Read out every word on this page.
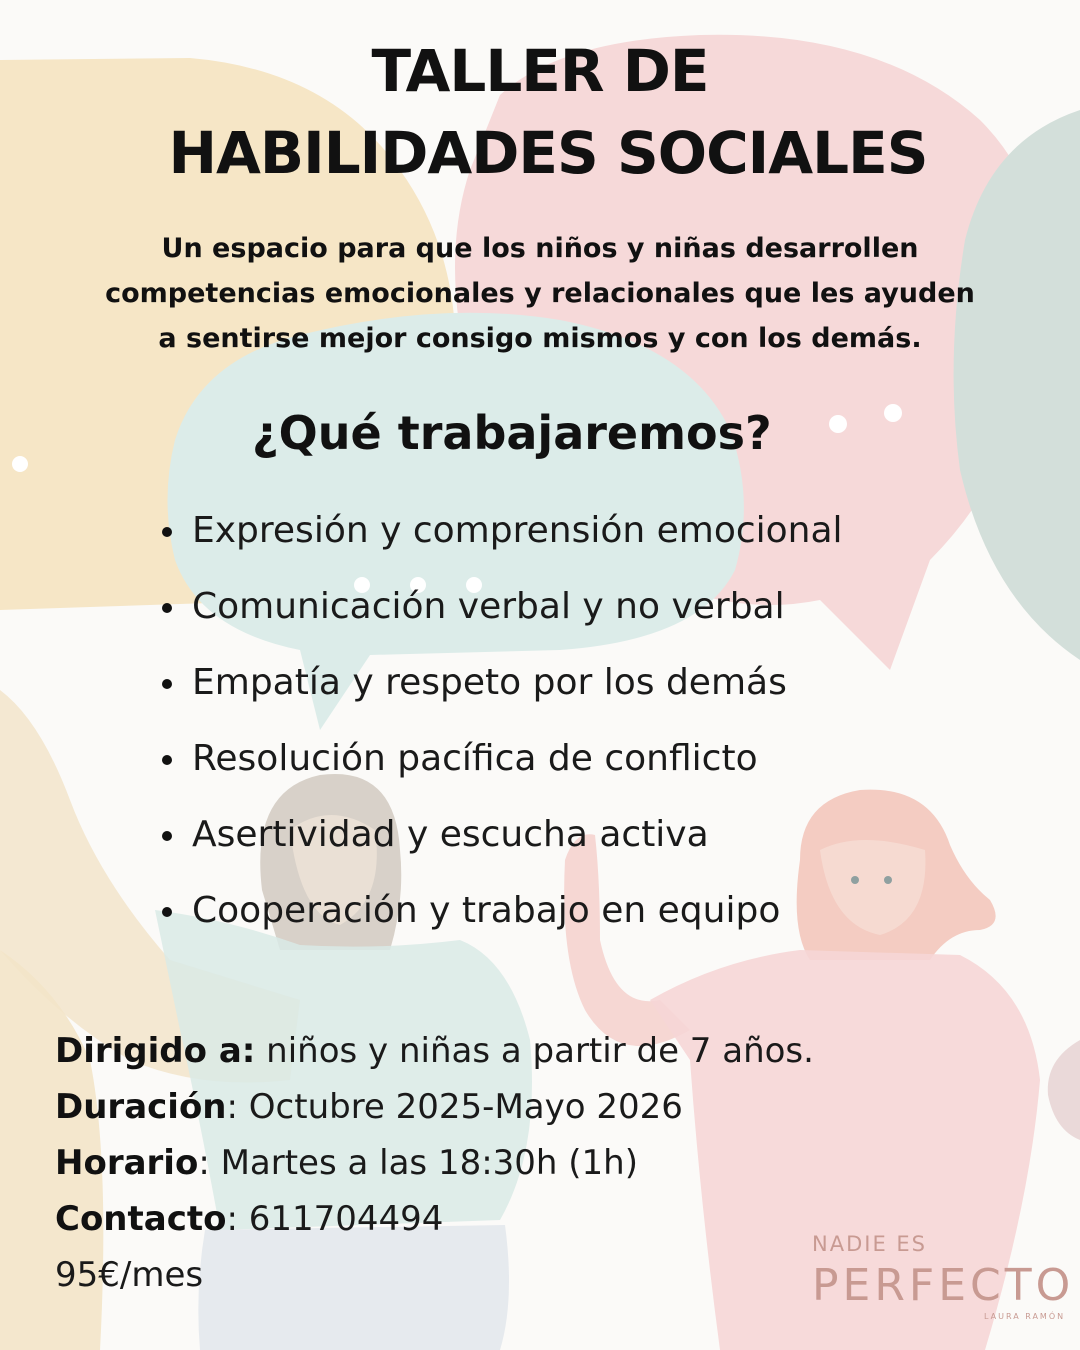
TALLER DE
HABILIDADES SOCIALES

Un espacio para que los niños y niñas desarrollen
competencias emocionales y relacionales que les ayuden
a sentirse mejor consigo mismos y con los demás.

¿Qué trabajaremos?
Expresión y comprensión emocional
Comunicación verbal y no verbal
Empatía y respeto por los demás
Resolución pacífica de conflicto
Asertividad y escucha activa
Cooperación y trabajo en equipo
Dirigido a: niños y niñas a partir de 7 años.
Duración: Octubre 2025-Mayo 2026
Horario: Martes a las 18:30h (1h)
Contacto: 611704494
95€/mes
NADIE ES
PERFECTO
LAURA RAMÓN
